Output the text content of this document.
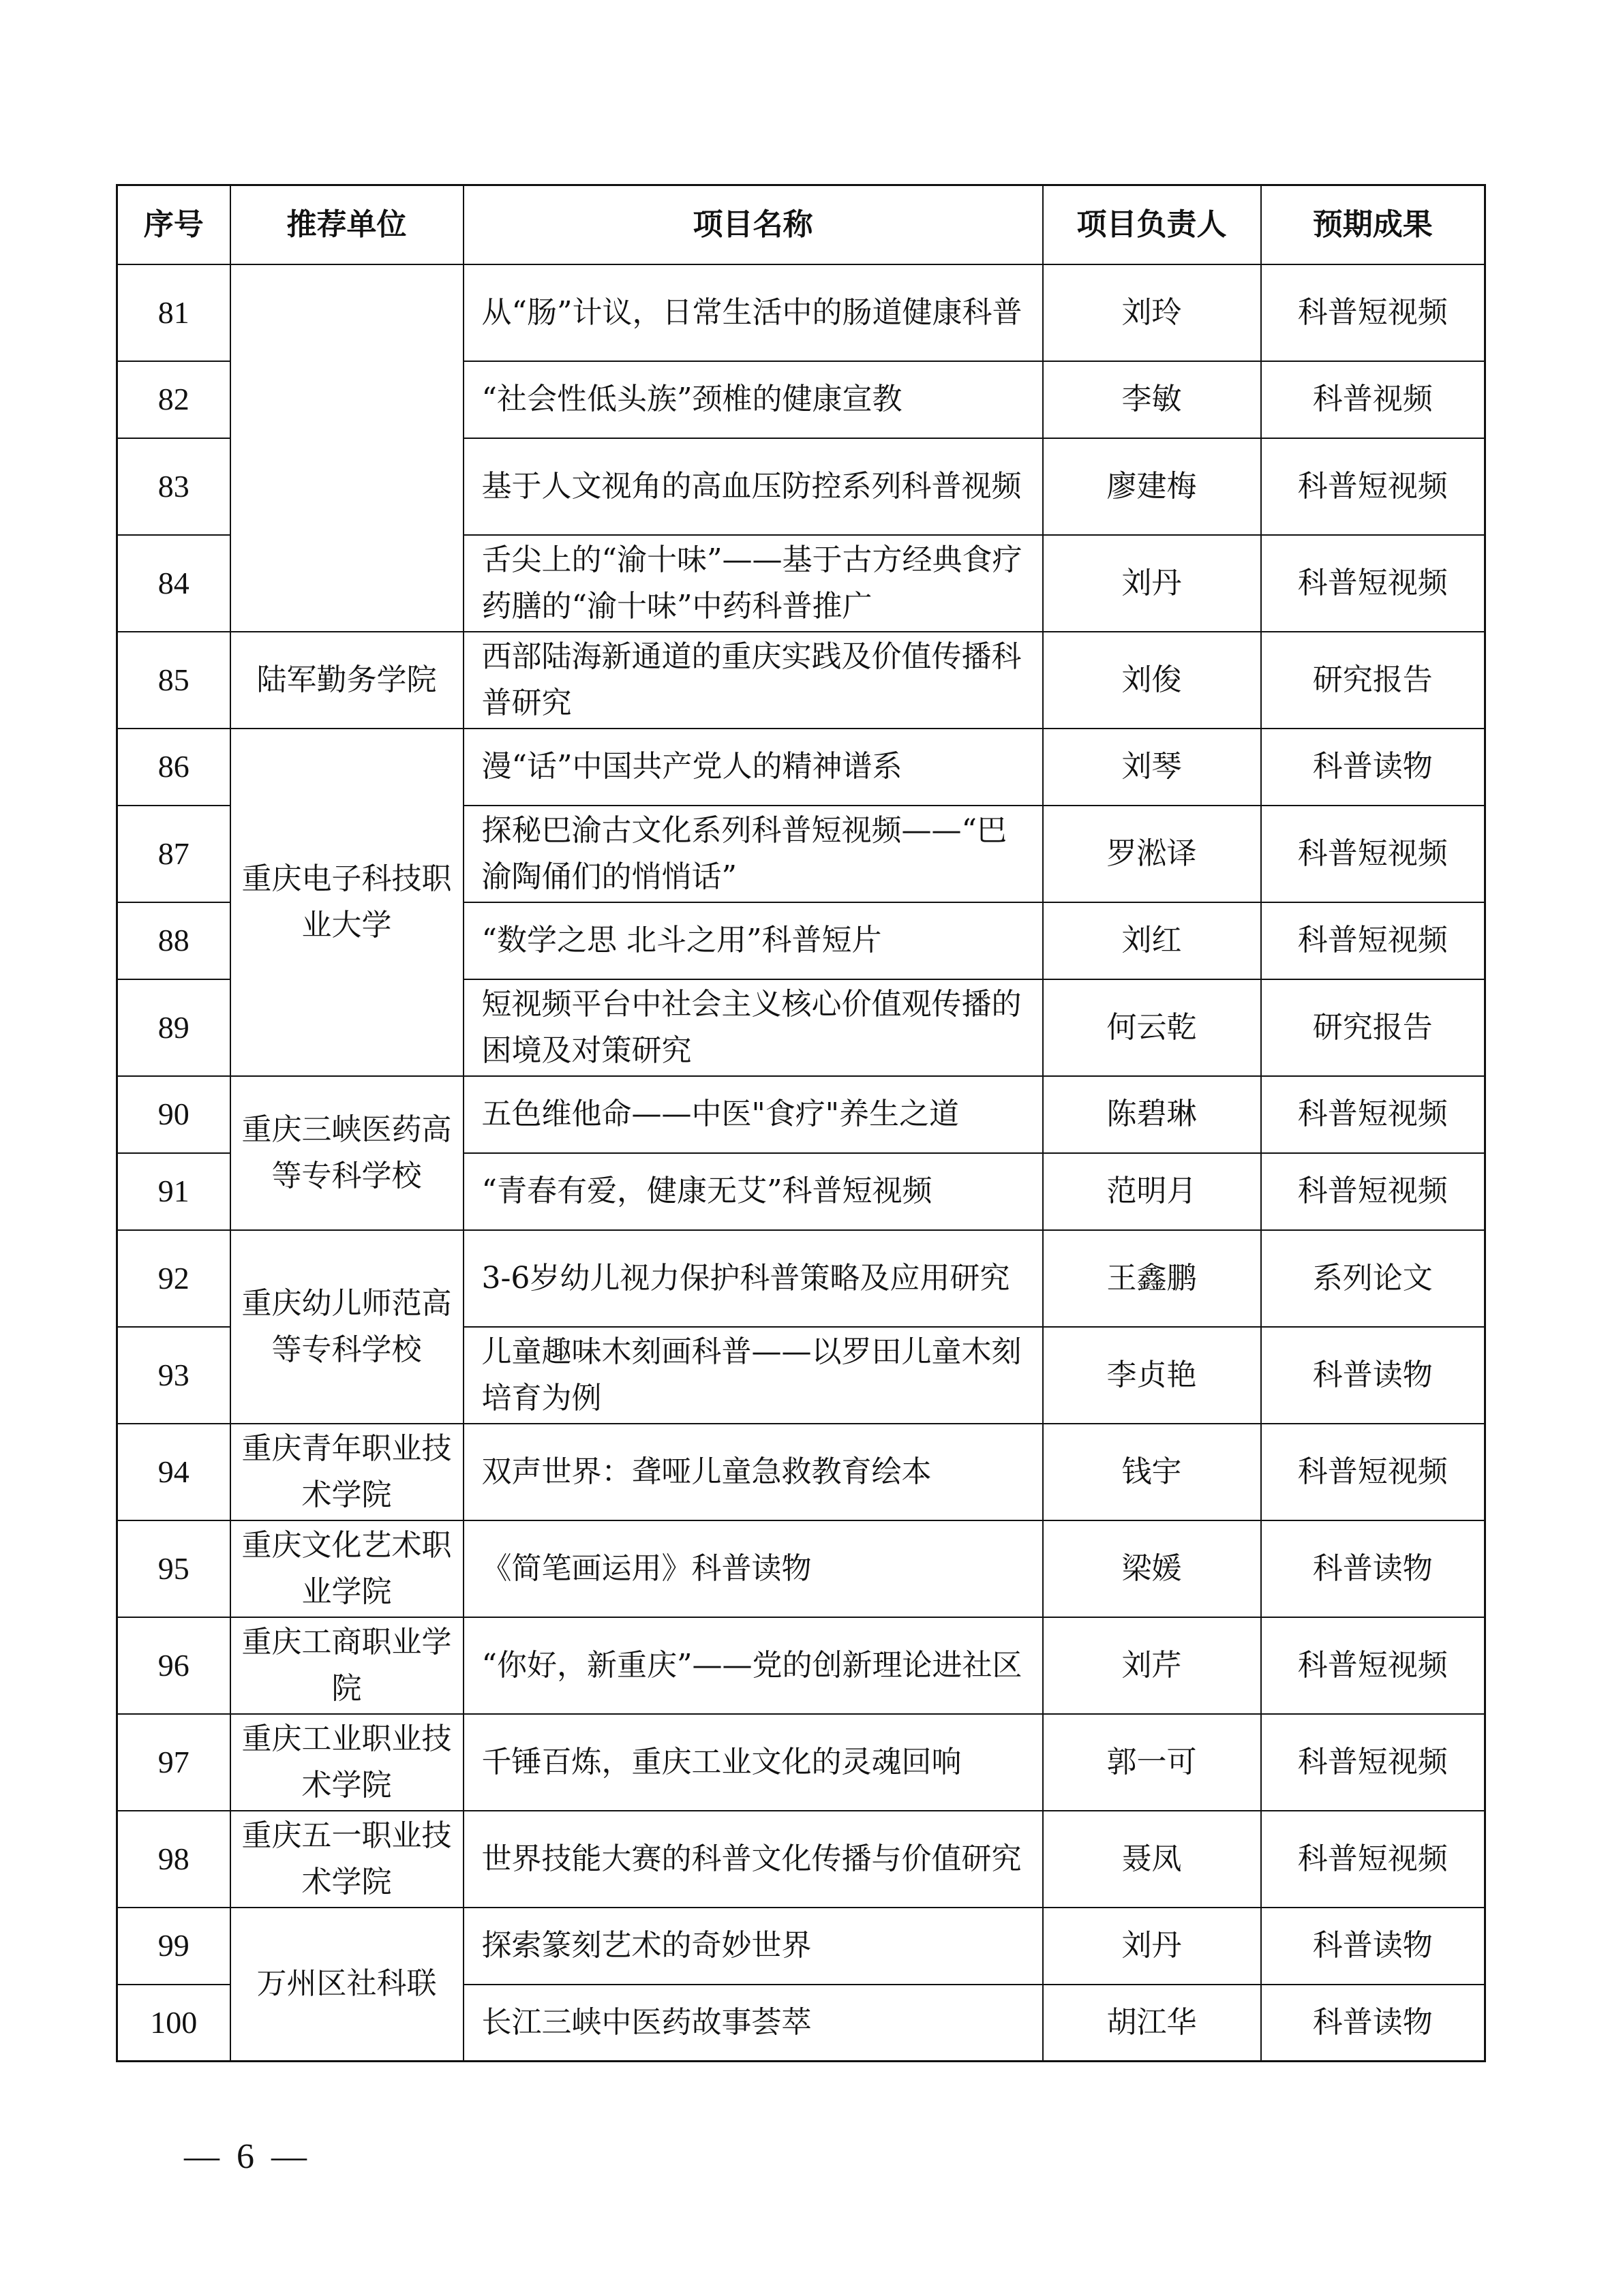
序号	推荐单位	项目名称	项目负责人	预期成果
81		从“肠”计议，日常生活中的肠道健康科普	刘玲	科普短视频
82		“社会性低头族”颈椎的健康宣教	李敏	科普视频
83		基于人文视角的高血压防控系列科普视频	廖建梅	科普短视频
84		舌尖上的“渝十味”——基于古方经典食疗药膳的“渝十味”中药科普推广	刘丹	科普短视频
85	陆军勤务学院	西部陆海新通道的重庆实践及价值传播科普研究	刘俊	研究报告
86	重庆电子科技职业大学	漫“话”中国共产党人的精神谱系	刘琴	科普读物
87		探秘巴渝古文化系列科普短视频——“巴渝陶俑们的悄悄话”	罗淞译	科普短视频
88		“数学之思 北斗之用”科普短片	刘红	科普短视频
89		短视频平台中社会主义核心价值观传播的困境及对策研究	何云乾	研究报告
90	重庆三峡医药高等专科学校	五色维他命——中医"食疗"养生之道	陈碧琳	科普短视频
91		“青春有爱，健康无艾”科普短视频	范明月	科普短视频
92	重庆幼儿师范高等专科学校	3-6岁幼儿视力保护科普策略及应用研究	王鑫鹏	系列论文
93		儿童趣味木刻画科普——以罗田儿童木刻培育为例	李贞艳	科普读物
94	重庆青年职业技术学院	双声世界：聋哑儿童急救教育绘本	钱宇	科普短视频
95	重庆文化艺术职业学院	《简笔画运用》科普读物	梁媛	科普读物
96	重庆工商职业学院	“你好，新重庆”——党的创新理论进社区	刘芹	科普短视频
97	重庆工业职业技术学院	千锤百炼，重庆工业文化的灵魂回响	郭一可	科普短视频
98	重庆五一职业技术学院	世界技能大赛的科普文化传播与价值研究	聂凤	科普短视频
99	万州区社科联	探索篆刻艺术的奇妙世界	刘丹	科普读物
100		长江三峡中医药故事荟萃	胡江华	科普读物
— 6 —
